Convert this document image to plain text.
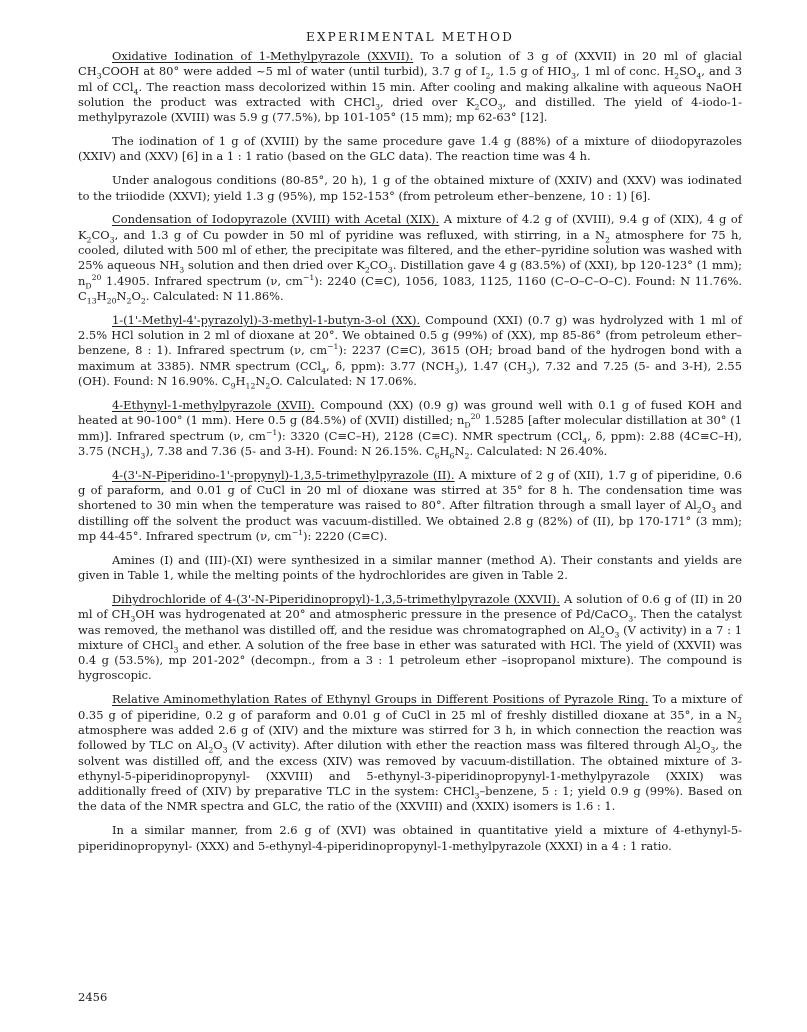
EXPERIMENTAL METHOD

Oxidative Iodination of 1-Methylpyrazole (XXVII). To a solution of 3 g of (XXVII) in 20 ml of glacial $CH_3COOH$ at 80° were added ~5 ml of water (until turbid), 3.7 g of $I_2$, 1.5 g of $HIO_3$, 1 ml of conc. $H_2SO_4$, and 3 ml of CCl$_4$. The reaction mass decolorized within 15 min. After cooling and making alkaline with aqueous NaOH solution the product was extracted with CHCl$_3$, dried over $K_2CO_3$, and distilled. The yield of 4-iodo-1-methylpyrazole (XVIII) was 5.9 g (77.5%), bp 101-105° (15 mm); mp 62-63° [12].

The iodination of 1 g of (XVIII) by the same procedure gave 1.4 g (88%) of a mixture of diiodopyrazoles (XXIV) and (XXV) [6] in a 1 : 1 ratio (based on the GLC data). The reaction time was 4 h.

Under analogous conditions (80-85°, 20 h), 1 g of the obtained mixture of (XXIV) and (XXV) was iodinated to the triiodide (XXVI); yield 1.3 g (95%), mp 152-153° (from petroleum ether–benzene, 10 : 1) [6].

Condensation of Iodopyrazole (XVIII) with Acetal (XIX). A mixture of 4.2 g of (XVIII), 9.4 g of (XIX), 4 g of $K_2CO_3$, and 1.3 g of Cu powder in 50 ml of pyridine was refluxed, with stirring, in a $N_2$ atmosphere for 75 h, cooled, diluted with 500 ml of ether, the precipitate was filtered, and the ether–pyridine solution was washed with 25% aqueous $NH_3$ solution and then dried over $K_2CO_3$. Distillation gave 4 g (83.5%) of (XXI), bp 120-123° (1 mm); $n_D^{20}$ 1.4905. Infrared spectrum (ν, $cm^{-1}$): 2240 (C≡C), 1056, 1083, 1125, 1160 (C–O–C–O–C). Found: N 11.76%. $C_{13}H_{20}N_2O_2$. Calculated: N 11.86%.

1-(1'-Methyl-4'-pyrazolyl)-3-methyl-1-butyn-3-ol (XX). Compound (XXI) (0.7 g) was hydrolyzed with 1 ml of 2.5% HCl solution in 2 ml of dioxane at 20°. We obtained 0.5 g (99%) of (XX), mp 85-86° (from petroleum ether–benzene, 8 : 1). Infrared spectrum (ν, $cm^{-1}$): 2237 (C≡C), 3615 (OH; broad band of the hydrogen bond with a maximum at 3385). NMR spectrum (CCl$_4$, δ, ppm): 3.77 $(NCH_3)$, 1.47 $(CH_3)$, 7.32 and 7.25 (5- and 3-H), 2.55 (OH). Found: N 16.90%. $C_9H_{12}N_2O$. Calculated: N 17.06%.

4-Ethynyl-1-methylpyrazole (XVII). Compound (XX) (0.9 g) was ground well with 0.1 g of fused KOH and heated at 90-100° (1 mm). Here 0.5 g (84.5%) of (XVII) distilled; $n_D^{20}$ 1.5285 [after molecular distillation at 30° (1 mm)]. Infrared spectrum (ν, $cm^{-1}$): 3320 (C≡C–H), 2128 (C≡C). NMR spectrum (CCl$_4$, δ, ppm): 2.88 (4C≡C–H), 3.75 $(NCH_3)$, 7.38 and 7.36 (5- and 3-H). Found: N 26.15%. $C_6H_6N_2$. Calculated: N 26.40%.

4-(3'-N-Piperidino-1'-propynyl)-1,3,5-trimethylpyrazole (II). A mixture of 2 g of (XII), 1.7 g of piperidine, 0.6 g of paraform, and 0.01 g of CuCl in 20 ml of dioxane was stirred at 35° for 8 h. The condensation time was shortened to 30 min when the temperature was raised to 80°. After filtration through a small layer of $Al_2O_3$ and distilling off the solvent the product was vacuum-distilled. We obtained 2.8 g (82%) of (II), bp 170-171° (3 mm); mp 44-45°. Infrared spectrum (ν, $cm^{-1}$): 2220 (C≡C).

Amines (I) and (III)-(XI) were synthesized in a similar manner (method A). Their constants and yields are given in Table 1, while the melting points of the hydrochlorides are given in Table 2.

Dihydrochloride of 4-(3'-N-Piperidinopropyl)-1,3,5-trimethylpyrazole (XXVII). A solution of 0.6 g of (II) in 20 ml of $CH_3OH$ was hydrogenated at 20° and atmospheric pressure in the presence of Pd/CaCO$_3$. Then the catalyst was removed, the methanol was distilled off, and the residue was chromatographed on $Al_2O_3$ (V activity) in a 7 : 1 mixture of CHCl$_3$ and ether. A solution of the free base in ether was saturated with HCl. The yield of (XXVII) was 0.4 g (53.5%), mp 201-202° (decompn., from a 3 : 1 petroleum ether –isopropanol mixture). The compound is hygroscopic.

Relative Aminomethylation Rates of Ethynyl Groups in Different Positions of Pyrazole Ring. To a mixture of 0.35 g of piperidine, 0.2 g of paraform and 0.01 g of CuCl in 25 ml of freshly distilled dioxane at 35°, in a $N_2$ atmosphere was added 2.6 g of (XIV) and the mixture was stirred for 3 h, in which connection the reaction was followed by TLC on $Al_2O_3$ (V activity). After dilution with ether the reaction mass was filtered through $Al_2O_3$, the solvent was distilled off, and the excess (XIV) was removed by vacuum-distillation. The obtained mixture of 3-ethynyl-5-piperidinopropynyl- (XXVIII) and 5-ethynyl-3-piperidinopropynyl-1-methylpyrazole (XXIX) was additionally freed of (XIV) by preparative TLC in the system: CHCl$_3$–benzene, 5 : 1; yield 0.9 g (99%). Based on the data of the NMR spectra and GLC, the ratio of the (XXVIII) and (XXIX) isomers is 1.6 : 1.

In a similar manner, from 2.6 g of (XVI) was obtained in quantitative yield a mixture of 4-ethynyl-5-piperidinopropynyl- (XXX) and 5-ethynyl-4-piperidinopropynyl-1-methylpyrazole (XXXI) in a 4 : 1 ratio.

2456
